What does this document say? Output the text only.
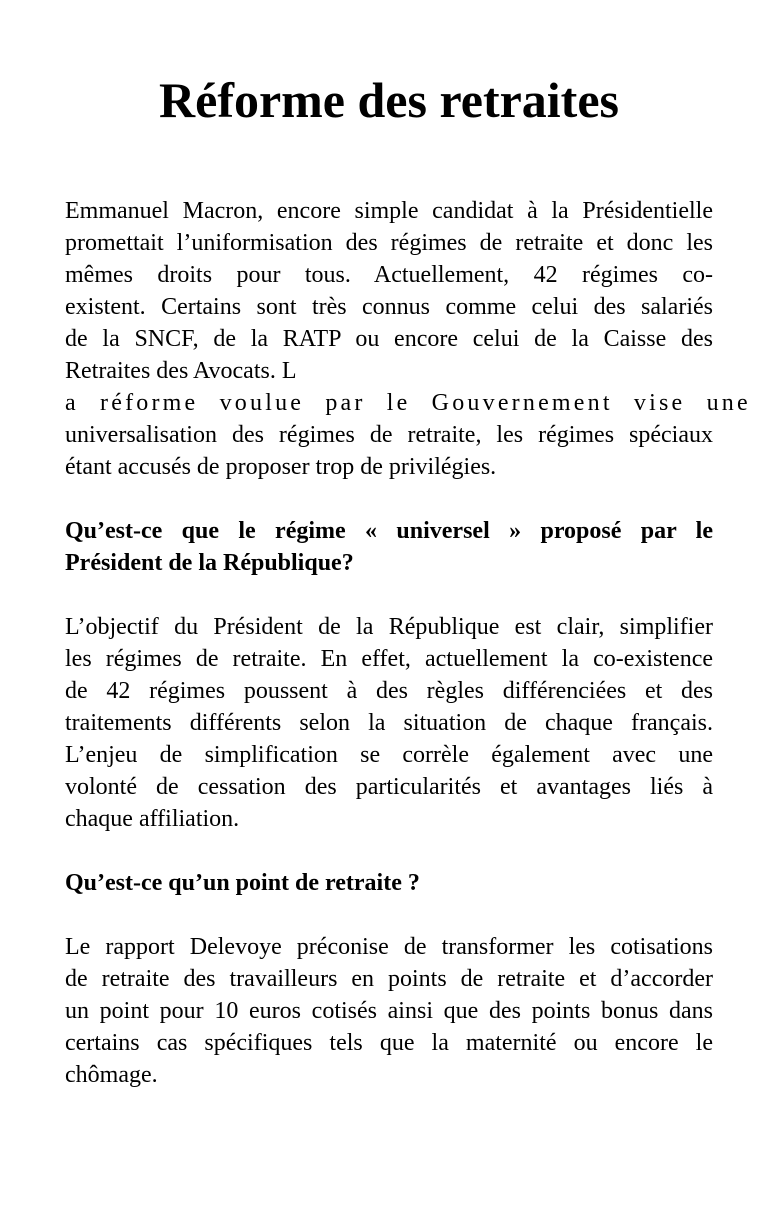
Réforme des retraites
Emmanuel Macron, encore simple candidat à la Présidentielle
promettait l’uniformisation des régimes de retraite et donc les
mêmes droits pour tous. Actuellement, 42 régimes co-
existent. Certains sont très connus comme celui des salariés
de la SNCF, de la RATP ou encore celui de la Caisse des
Retraites des Avocats. L
a réforme voulue par le Gouvernement vise une
universalisation des régimes de retraite, les régimes spéciaux
étant accusés de proposer trop de privilégies.
Qu’est-ce que le régime « universel » proposé par le
Président de la République?
L’objectif du Président de la République est clair, simplifier
les régimes de retraite. En effet, actuellement la co-existence
de 42 régimes poussent à des règles différenciées et des
traitements différents selon la situation de chaque français.
L’enjeu de simplification se corrèle également avec une
volonté de cessation des particularités et avantages liés à
chaque affiliation.
Qu’est-ce qu’un point de retraite ?
Le rapport Delevoye préconise de transformer les cotisations
de retraite des travailleurs en points de retraite et d’accorder
un point pour 10 euros cotisés ainsi que des points bonus dans
certains cas spécifiques tels que la maternité ou encore le
chômage.
